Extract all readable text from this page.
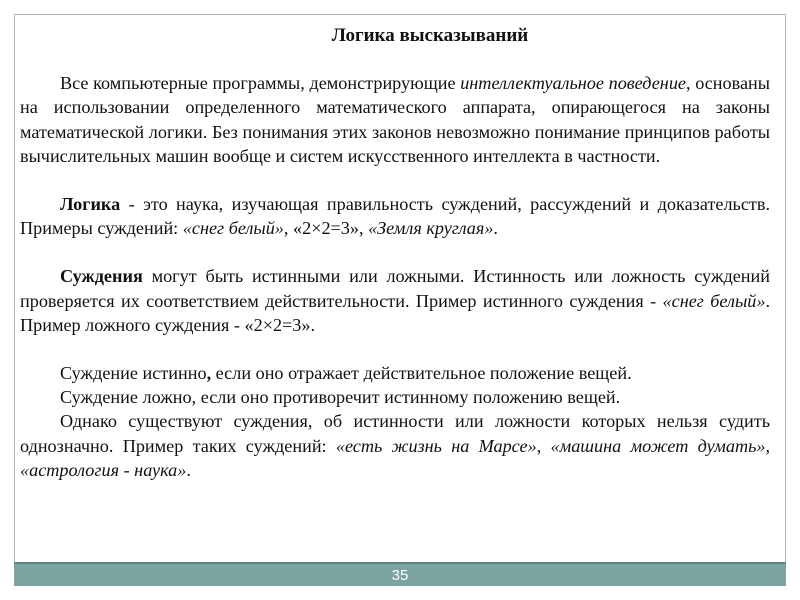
Логика высказываний

Все компьютерные программы, демонстрирующие интеллектуальное поведение, основаны на использовании определенного математического аппарата, опирающегося на законы математической логики. Без понимания этих законов невозможно понимание принципов работы вычислительных машин вообще и систем искусственного интеллекта в частности.

Логика - это наука, изучающая правильность суждений, рассуждений и доказательств. Примеры суждений: «снег белый», «2×2=3», «Земля круглая».

Суждения могут быть истинными или ложными. Истинность или ложность суждений проверяется их соответствием действительности. Пример истинного суждения - «снег белый». Пример ложного суждения - «2×2=3».

Суждение истинно, если оно отражает действительное положение вещей.

Суждение ложно, если оно противоречит истинному положению вещей.

Однако существуют суждения, об истинности или ложности которых нельзя судить однозначно. Пример таких суждений: «есть жизнь на Марсе», «машина может думать», «астрология - наука».

35
